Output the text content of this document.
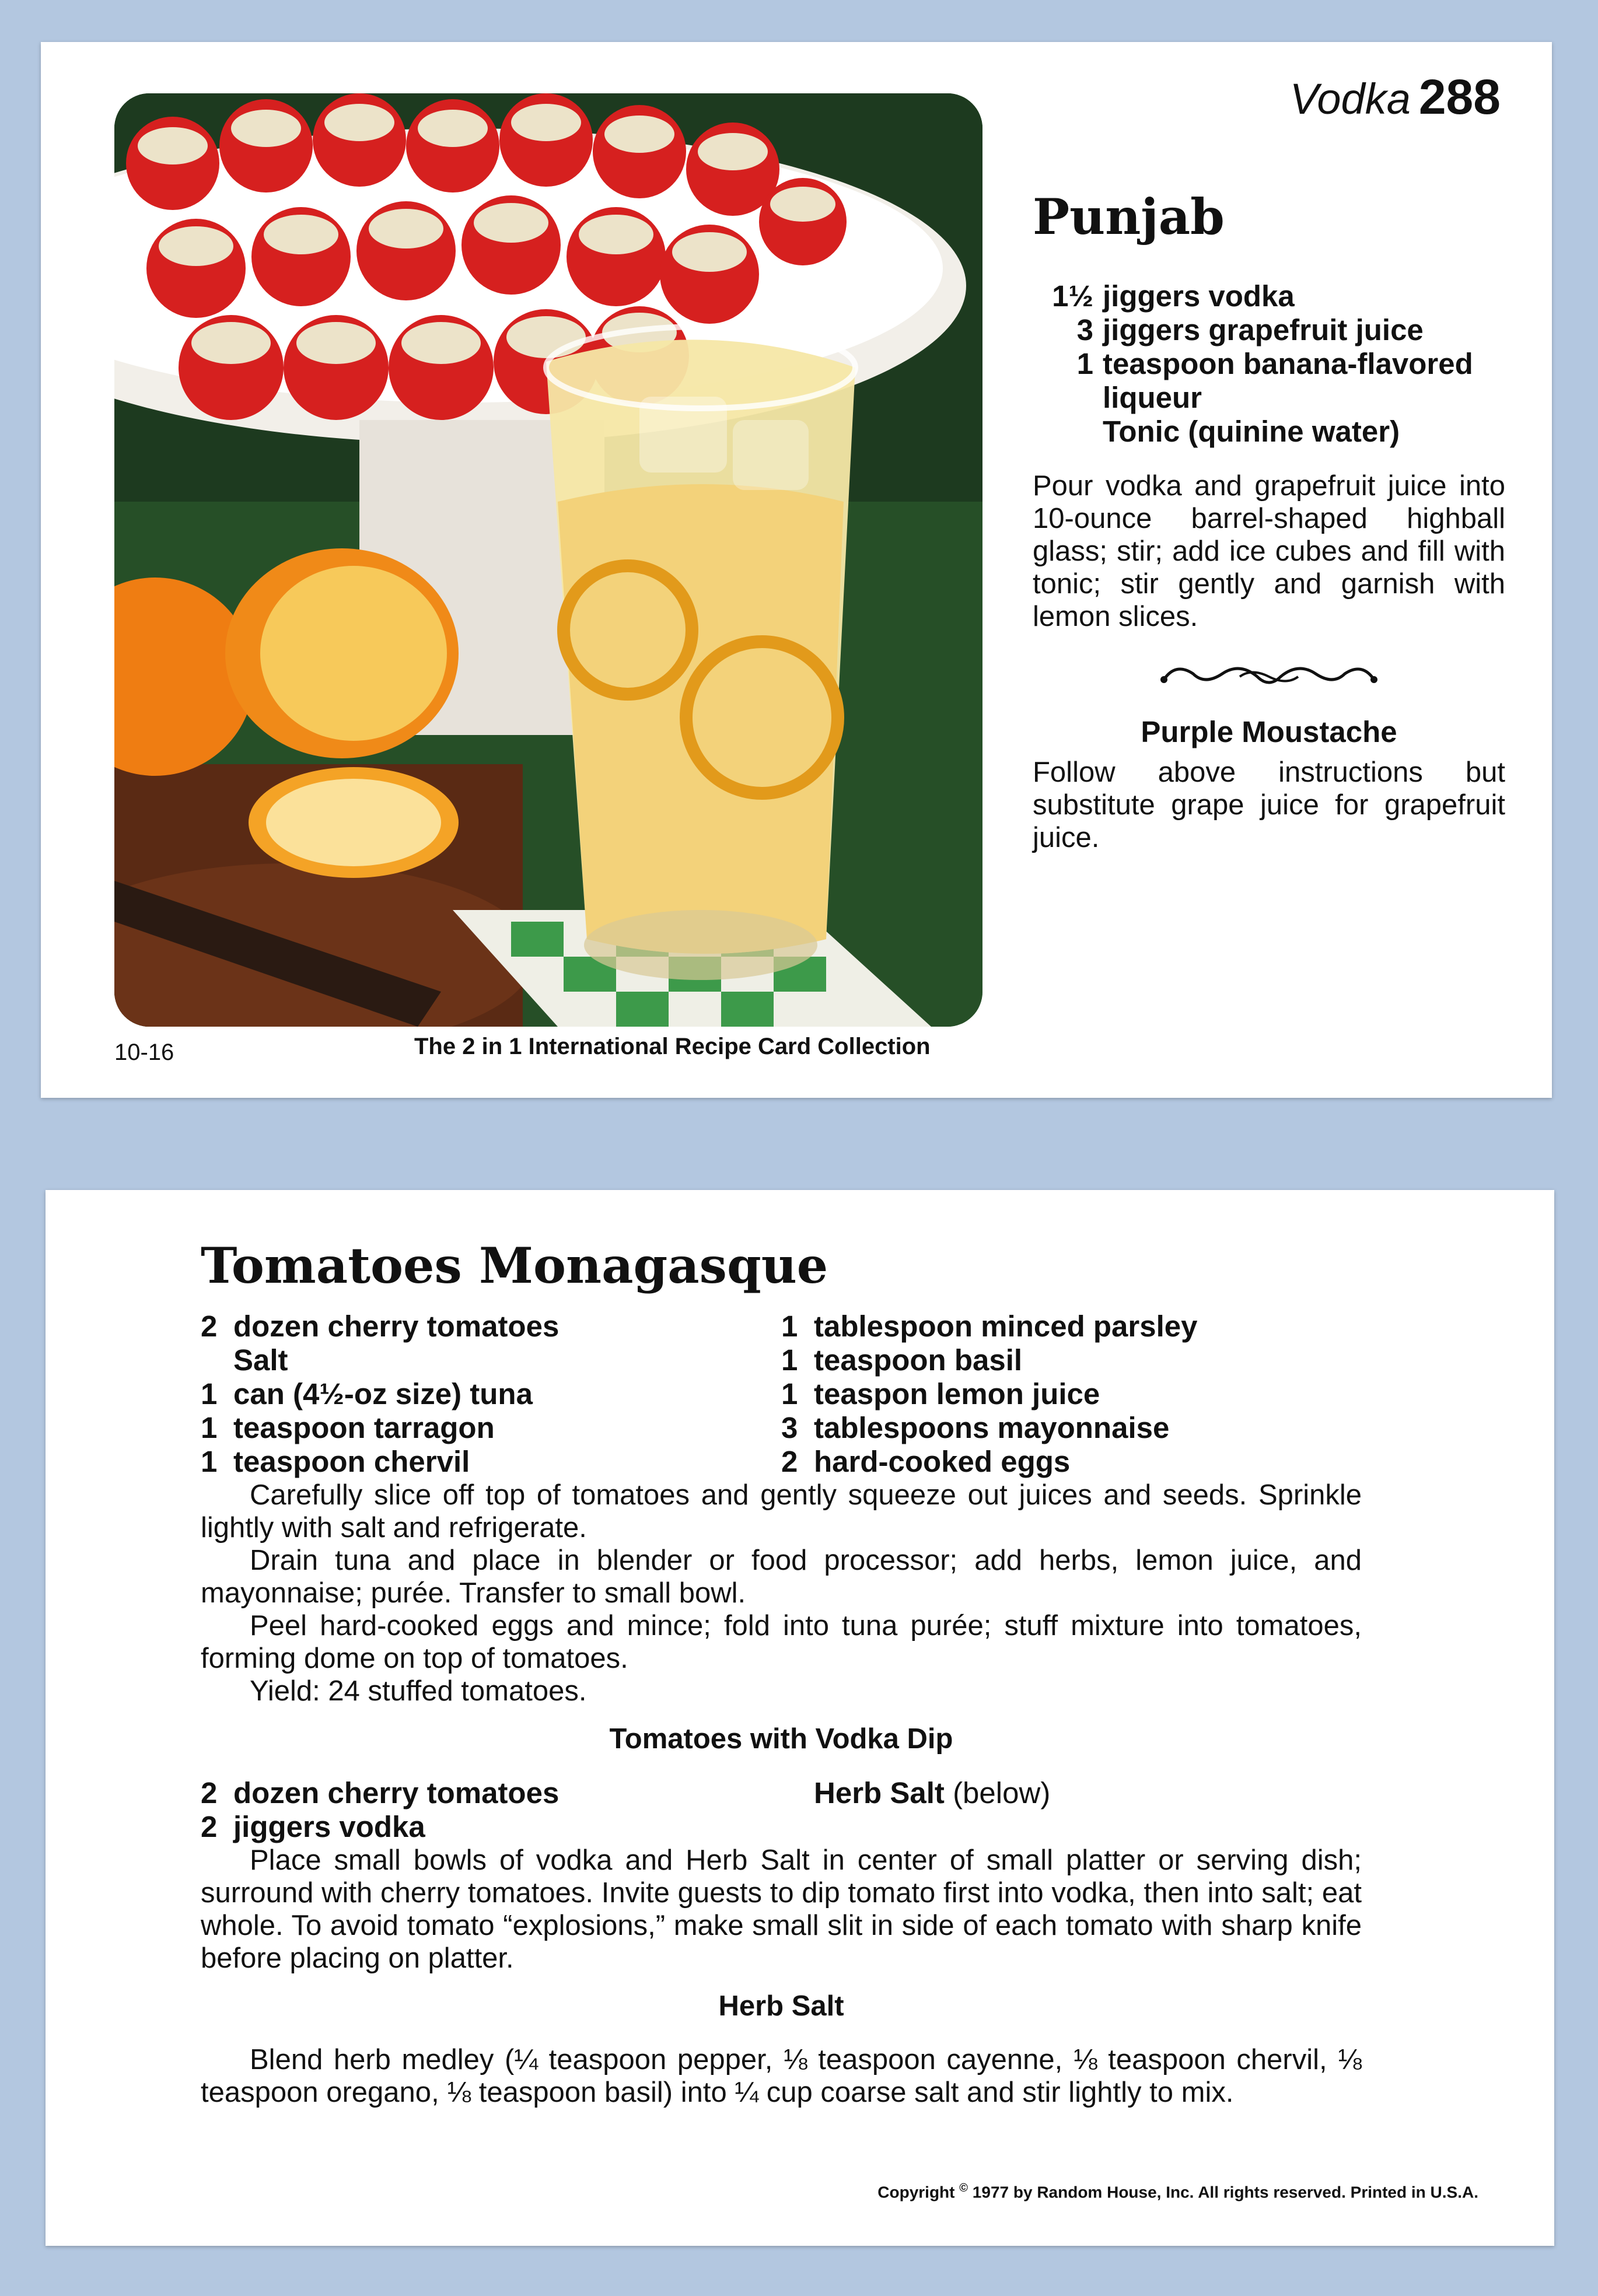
Vodka 288
Punjab
1½ jiggers vodka
3 jiggers grapefruit juice
1 teaspoon banana-flavored liqueur
Tonic (quinine water)

Pour vodka and grapefruit juice into 10-ounce barrel-shaped highball glass; stir; add ice cubes and fill with tonic; stir gently and garnish with lemon slices.

Purple Moustache

Follow above instructions but substitute grape juice for grapefruit juice.

10-16	The 2 in 1 International Recipe Card Collection
Tomatoes Monagasque
2 dozen cherry tomatoes
Salt
1 can (4½-oz size) tuna
1 teaspoon tarragon
1 teaspoon chervil
1 tablespoon minced parsley
1 teaspoon basil
1 teaspon lemon juice
3 tablespoons mayonnaise
2 hard-cooked eggs

Carefully slice off top of tomatoes and gently squeeze out juices and seeds. Sprinkle lightly with salt and refrigerate.

Drain tuna and place in blender or food processor; add herbs, lemon juice, and mayonnaise; purée. Transfer to small bowl.

Peel hard-cooked eggs and mince; fold into tuna purée; stuff mixture into tomatoes, forming dome on top of tomatoes.

Yield: 24 stuffed tomatoes.

Tomatoes with Vodka Dip
2 dozen cherry tomatoes
2 jiggers vodka
Herb Salt (below)

Place small bowls of vodka and Herb Salt in center of small platter or serving dish; surround with cherry tomatoes. Invite guests to dip tomato first into vodka, then into salt; eat whole. To avoid tomato “explosions,” make small slit in side of each tomato with sharp knife before placing on platter.

Herb Salt

Blend herb medley (¼ teaspoon pepper, ⅛ teaspoon cayenne, ⅛ teaspoon chervil, ⅛ teaspoon oregano, ⅛ teaspoon basil) into ¼ cup coarse salt and stir lightly to mix.

Copyright © 1977 by Random House, Inc. All rights reserved. Printed in U.S.A.
